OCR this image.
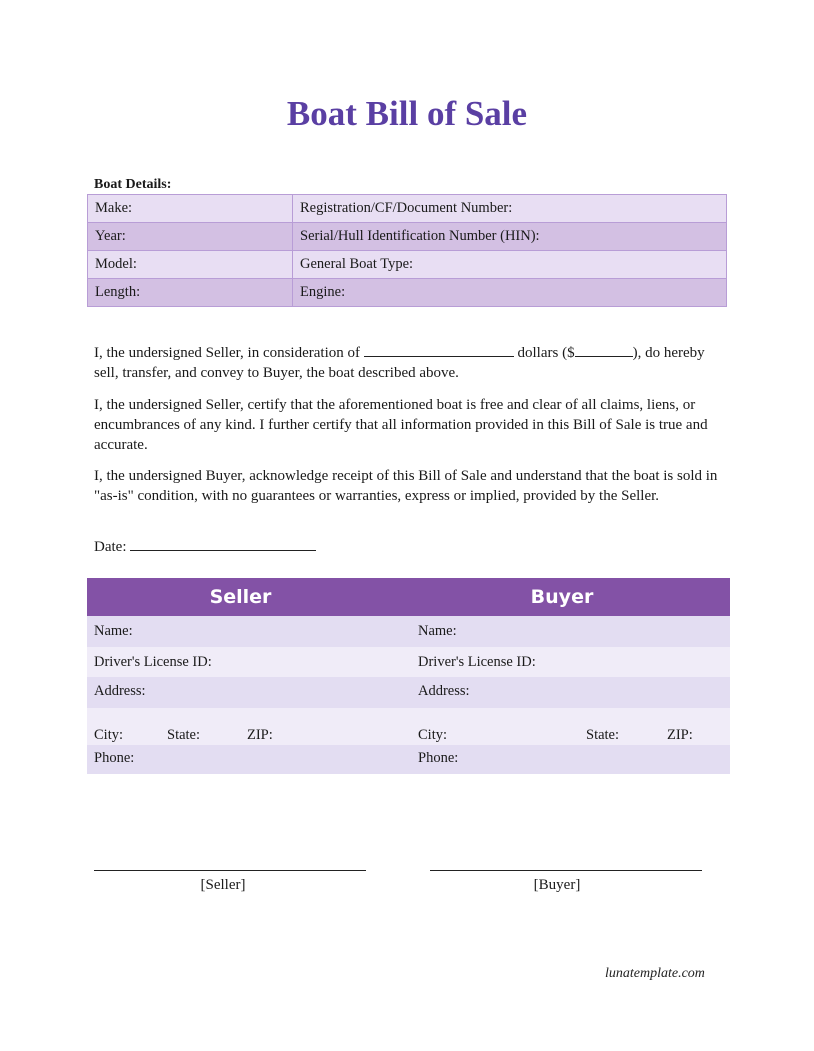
Boat Bill of Sale
Boat Details:
Make:	Registration/CF/Document Number:
Year:	Serial/Hull Identification Number (HIN):
Model:	General Boat Type:
Length:	Engine:
I, the undersigned Seller, in consideration of	dollars ($	), do hereby sell, transfer, and convey to Buyer, the boat described above.
I, the undersigned Seller, certify that the aforementioned boat is free and clear of all claims, liens, or encumbrances of any kind. I further certify that all information provided in this Bill of Sale is true and accurate.
I, the undersigned Buyer, acknowledge receipt of this Bill of Sale and understand that the boat is sold in "as-is" condition, with no guarantees or warranties, express or implied, provided by the Seller.
Date:
Seller	Buyer
Name:	Name:
Driver's License ID:	Driver's License ID:
Address:	Address:
City:	State:	ZIP:	City:	State:	ZIP:
Phone:	Phone:
[Seller]	[Buyer]
lunatemplate.com
